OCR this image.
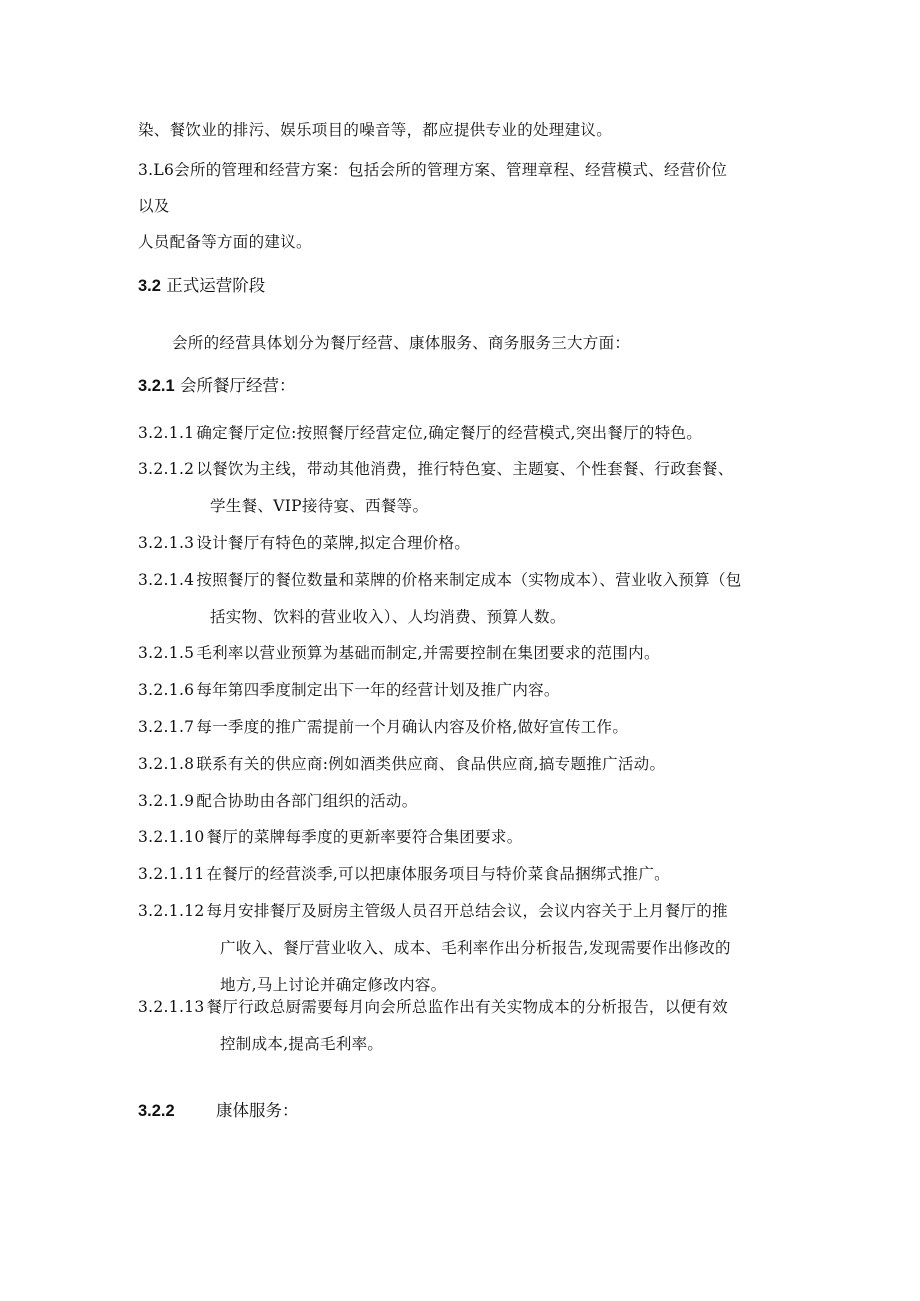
染、餐饮业的排污、娱乐项目的噪音等，都应提供专业的处理建议。
3.L6会所的管理和经营方案：包括会所的管理方案、管理章程、经营模式、经营价位
以及
人员配备等方面的建议。
3.2 正式运营阶段
会所的经营具体划分为餐厅经营、康体服务、商务服务三大方面：
3.2.1 会所餐厅经营：
3.2.1.1 确定餐厅定位:按照餐厅经营定位,确定餐厅的经营模式,突出餐厅的特色。
3.2.1.2 以餐饮为主线，带动其他消费，推行特色宴、主题宴、个性套餐、行政套餐、
学生餐、VIP接待宴、西餐等。
3.2.1.3 设计餐厅有特色的菜牌,拟定合理价格。
3.2.1.4 按照餐厅的餐位数量和菜牌的价格来制定成本（实物成本）、营业收入预算（包
括实物、饮料的营业收入）、人均消费、预算人数。
3.2.1.5 毛利率以营业预算为基础而制定,并需要控制在集团要求的范围内。
3.2.1.6 每年第四季度制定出下一年的经营计划及推广内容。
3.2.1.7 每一季度的推广需提前一个月确认内容及价格,做好宣传工作。
3.2.1.8 联系有关的供应商:例如酒类供应商、食品供应商,搞专题推广活动。
3.2.1.9 配合协助由各部门组织的活动。
3.2.1.10 餐厅的菜牌每季度的更新率要符合集团要求。
3.2.1.11 在餐厅的经营淡季,可以把康体服务项目与特价菜食品捆绑式推广。
3.2.1.12 每月安排餐厅及厨房主管级人员召开总结会议，会议内容关于上月餐厅的推
广收入、餐厅营业收入、成本、毛利率作出分析报告,发现需要作出修改的
地方,马上讨论并确定修改内容。
3.2.1.13 餐厅行政总厨需要每月向会所总监作出有关实物成本的分析报告，以便有效
控制成本,提高毛利率。
3.2.2	康体服务：
